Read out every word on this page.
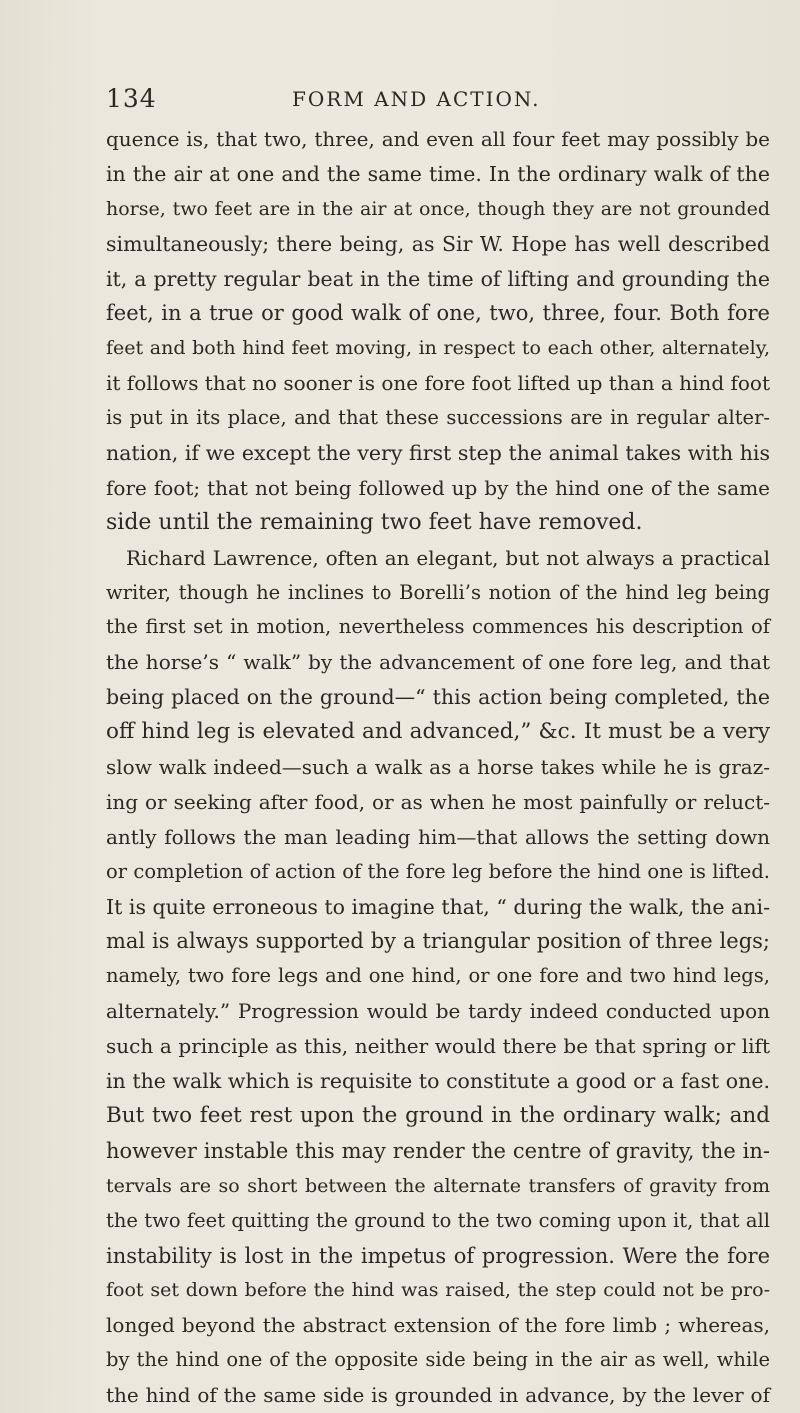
134	FORM AND ACTION.
quence is, that two, three, and even all four feet may possibly be
in the air at one and the same time. In the ordinary walk of the
horse, two feet are in the air at once, though they are not grounded
simultaneously; there being, as Sir W. Hope has well described
it, a pretty regular beat in the time of lifting and grounding the
feet, in a true or good walk of one, two, three, four. Both fore
feet and both hind feet moving, in respect to each other, alternately,
it follows that no sooner is one fore foot lifted up than a hind foot
is put in its place, and that these successions are in regular alter-
nation, if we except the very first step the animal takes with his
fore foot; that not being followed up by the hind one of the same
side until the remaining two feet have removed.
Richard Lawrence, often an elegant, but not always a practical
writer, though he inclines to Borelli’s notion of the hind leg being
the first set in motion, nevertheless commences his description of
the horse’s “ walk” by the advancement of one fore leg, and that
being placed on the ground—“ this action being completed, the
off hind leg is elevated and advanced,” &c. It must be a very
slow walk indeed—such a walk as a horse takes while he is graz-
ing or seeking after food, or as when he most painfully or reluct-
antly follows the man leading him—that allows the setting down
or completion of action of the fore leg before the hind one is lifted.
It is quite erroneous to imagine that, “ during the walk, the ani-
mal is always supported by a triangular position of three legs;
namely, two fore legs and one hind, or one fore and two hind legs,
alternately.” Progression would be tardy indeed conducted upon
such a principle as this, neither would there be that spring or lift
in the walk which is requisite to constitute a good or a fast one.
But two feet rest upon the ground in the ordinary walk; and
however instable this may render the centre of gravity, the in-
tervals are so short between the alternate transfers of gravity from
the two feet quitting the ground to the two coming upon it, that all
instability is lost in the impetus of progression. Were the fore
foot set down before the hind was raised, the step could not be pro-
longed beyond the abstract extension of the fore limb ; whereas,
by the hind one of the opposite side being in the air as well, while
the hind of the same side is grounded in advance, by the lever of
